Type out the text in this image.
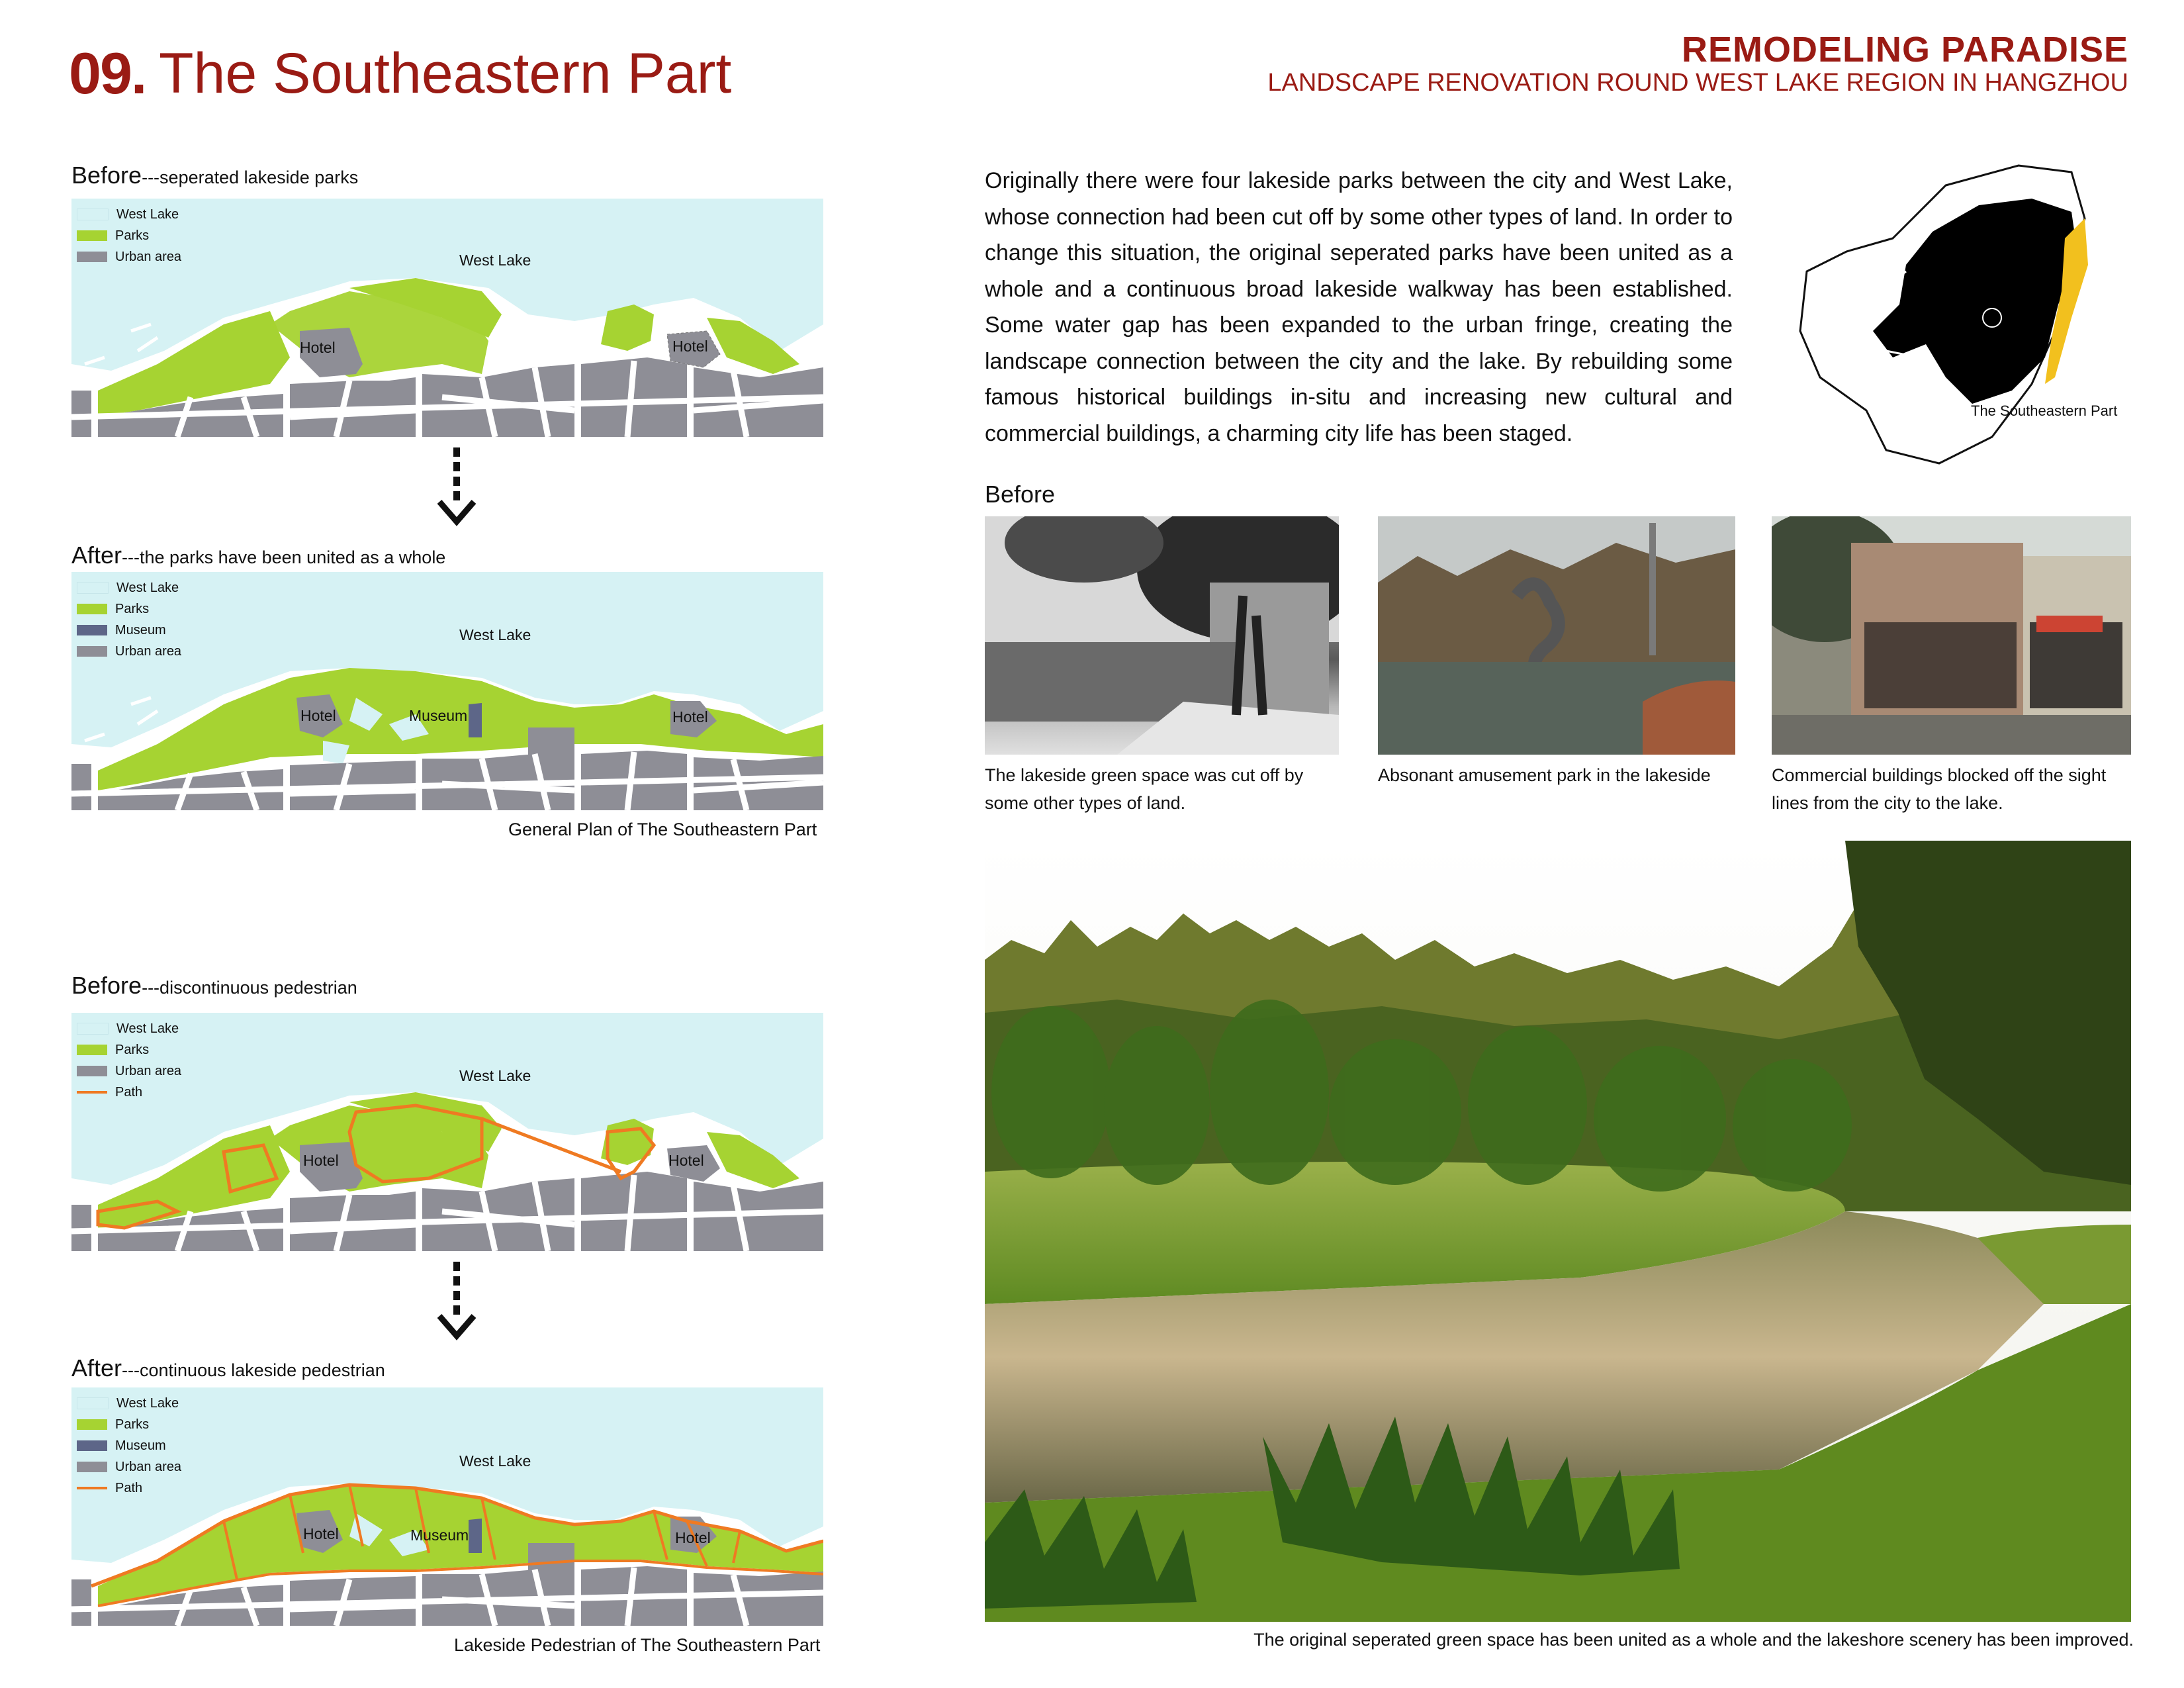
09. The Southeastern Part	REMODELING PARADISE
LANDSCAPE RENOVATION ROUND WEST LAKE REGION IN HANGZHOU
Before---seperated lakeside parks
West Lake
Parks
Urban area	West Lake
Hotel	Hotel
After---the parks have been united as a whole
West Lake
Parks
Museum
Urban area
West Lake
Hotel	Museum	Hotel
General Plan of The Southeastern Part
Before---discontinuous pedestrian
West Lake
Parks
Urban area
Path
West Lake
Hotel	Hotel
After---continuous lakeside pedestrian
West Lake
Parks
Museum
Urban area
Path
West Lake
Hotel	Museum	Hotel
Lakeside Pedestrian of The Southeastern Part
Originally there were four lakeside parks between the city and West Lake, whose connection had been cut off by some other types of land. In order to change this situation, the original seperated parks have been united as a whole and a continuous broad lakeside walkway has been established. Some water gap has been expanded to the urban fringe, creating the landscape connection between the city and the lake. By rebuilding some famous historical buildings in-situ and increasing new cultural and commercial buildings, a charming city life has been staged.
The Southeastern Part
Before
The lakeside green space was cut off by some other types of land.
Absonant amusement park in the lakeside	Commercial buildings blocked off the sight lines from the city to the lake.
The original seperated green space has been united as a whole and the lakeshore scenery has been improved.
